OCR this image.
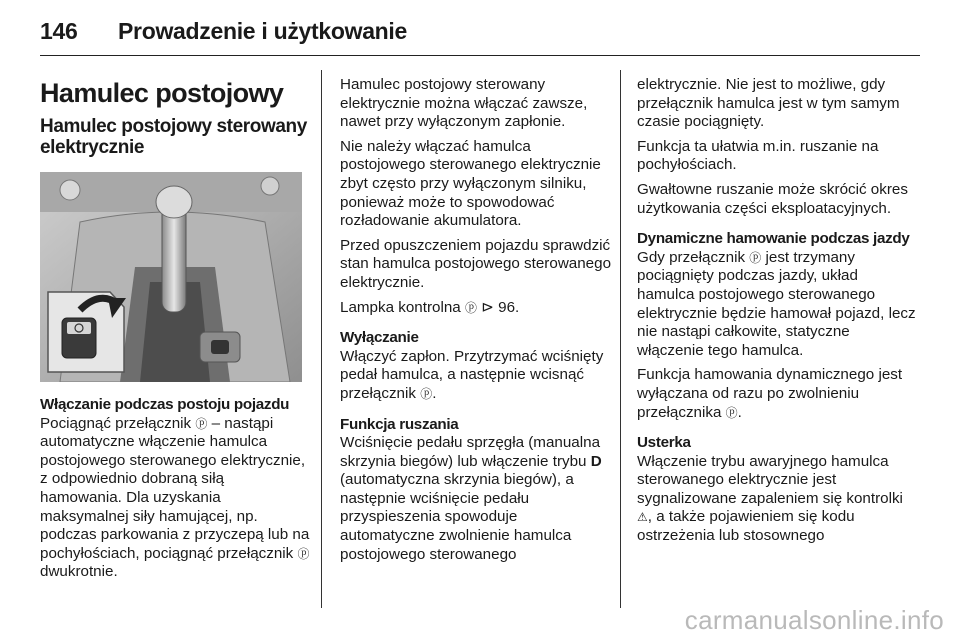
146 Prowadzenie i użytkowanie
Hamulec postojowy
Hamulec postojowy sterowany elektrycznie
Włączanie podczas postoju pojazdu

Pociągnąć przełącznik ⓟ – nastąpi automatyczne włączenie hamulca postojowego sterowanego elektrycznie, z odpowiednio dobraną siłą hamowania. Dla uzyskania maksymalnej siły hamującej, np. podczas parkowania z przyczepą lub na pochyłościach, pociągnąć przełącznik ⓟ dwukrotnie.

Hamulec postojowy sterowany elektrycznie można włączać zawsze, nawet przy wyłączonym zapłonie.

Nie należy włączać hamulca postojowego sterowanego elektrycznie zbyt często przy wyłączonym silniku, ponieważ może to spowodować rozładowanie akumulatora.

Przed opuszczeniem pojazdu sprawdzić stan hamulca postojowego sterowanego elektrycznie.

Lampka kontrolna ⓟ ⊳ 96.

Wyłączanie

Włączyć zapłon. Przytrzymać wciśnięty pedał hamulca, a następnie wcisnąć przełącznik ⓟ.

Funkcja ruszania

Wciśnięcie pedału sprzęgła (manualna skrzynia biegów) lub włączenie trybu D (automatyczna skrzynia biegów), a następnie wciśnięcie pedału przyspieszenia spowoduje automatyczne zwolnienie hamulca postojowego sterowanego

elektrycznie. Nie jest to możliwe, gdy przełącznik hamulca jest w tym samym czasie pociągnięty.

Funkcja ta ułatwia m.in. ruszanie na pochyłościach.

Gwałtowne ruszanie może skrócić okres użytkowania części eksploatacyjnych.

Dynamiczne hamowanie podczas jazdy

Gdy przełącznik ⓟ jest trzymany pociągnięty podczas jazdy, układ hamulca postojowego sterowanego elektrycznie będzie hamował pojazd, lecz nie nastąpi całkowite, statyczne włączenie tego hamulca.

Funkcja hamowania dynamicznego jest wyłączana od razu po zwolnieniu przełącznika ⓟ.

Usterka

Włączenie trybu awaryjnego hamulca sterowanego elektrycznie jest sygnalizowane zapaleniem się kontrolki ⚠, a także pojawieniem się kodu ostrzeżenia lub stosownego

carmanualsonline.info
